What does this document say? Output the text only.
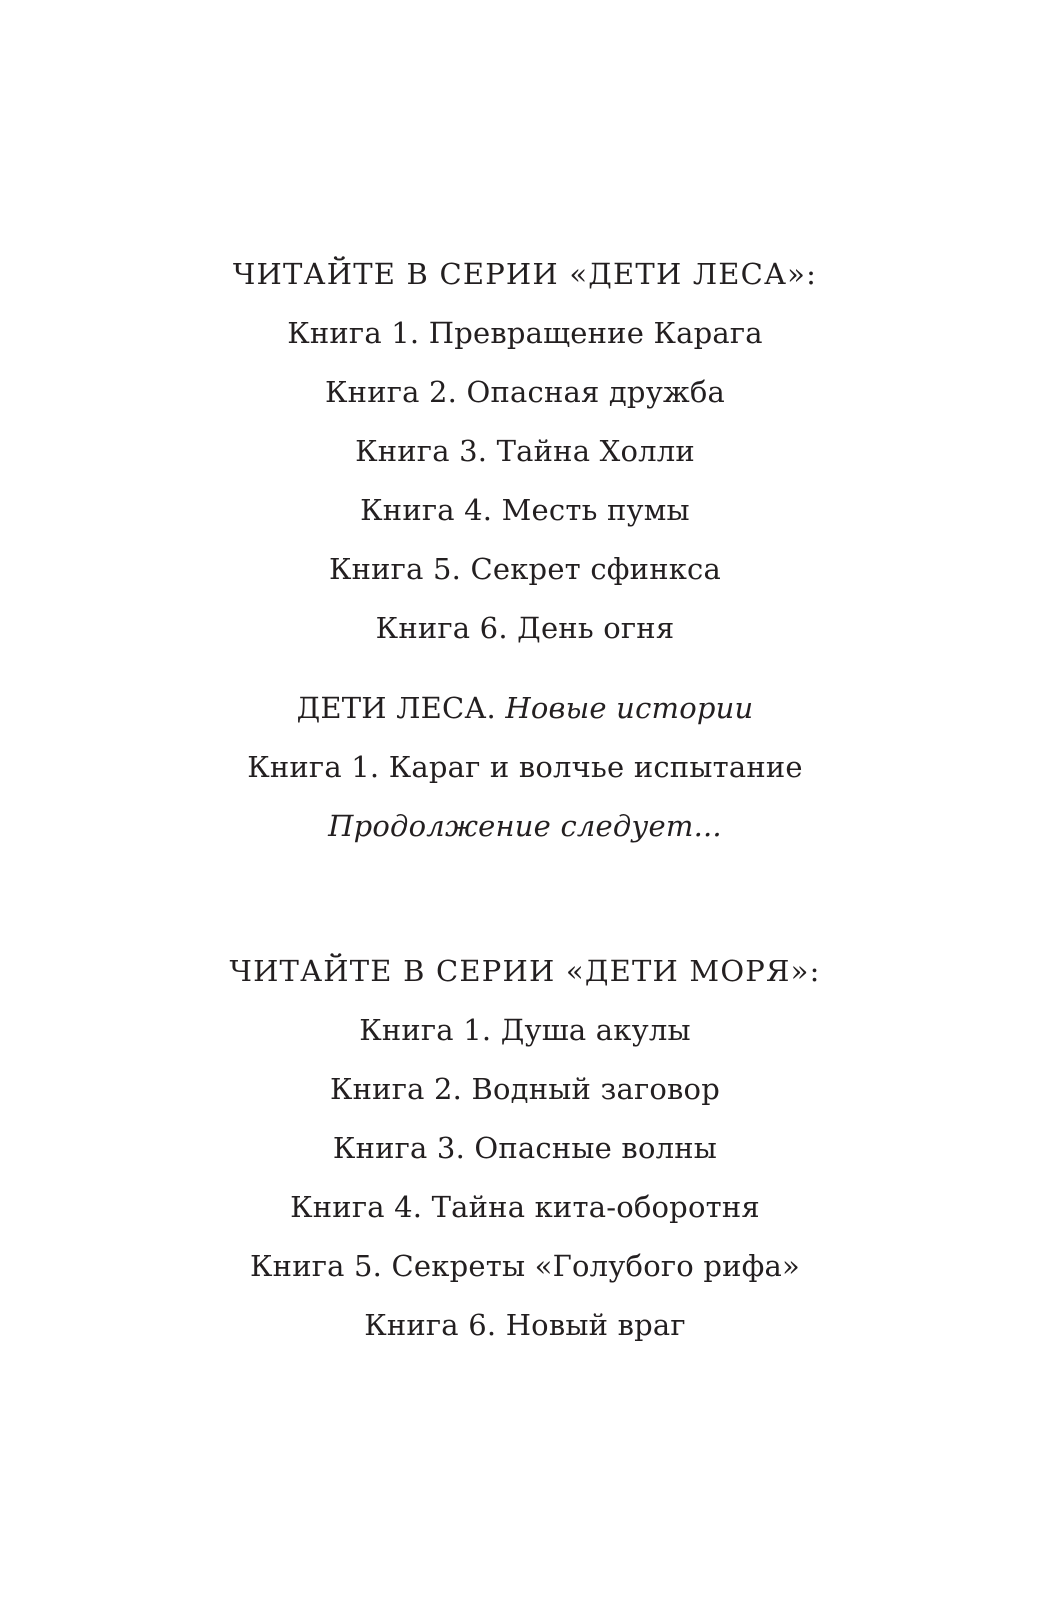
ЧИТАЙТЕ В СЕРИИ «ДЕТИ ЛЕСА»:
Книга 1. Превращение Карага
Книга 2. Опасная дружба
Книга 3. Тайна Холли
Книга 4. Месть пумы
Книга 5. Секрет сфинкса
Книга 6. День огня
ДЕТИ ЛЕСА. Новые истории
Книга 1. Караг и волчье испытание
Продолжение следует...
ЧИТАЙТЕ В СЕРИИ «ДЕТИ МОРЯ»:
Книга 1. Душа акулы
Книга 2. Водный заговор
Книга 3. Опасные волны
Книга 4. Тайна кита-оборотня
Книга 5. Секреты «Голубого рифа»
Книга 6. Новый враг
